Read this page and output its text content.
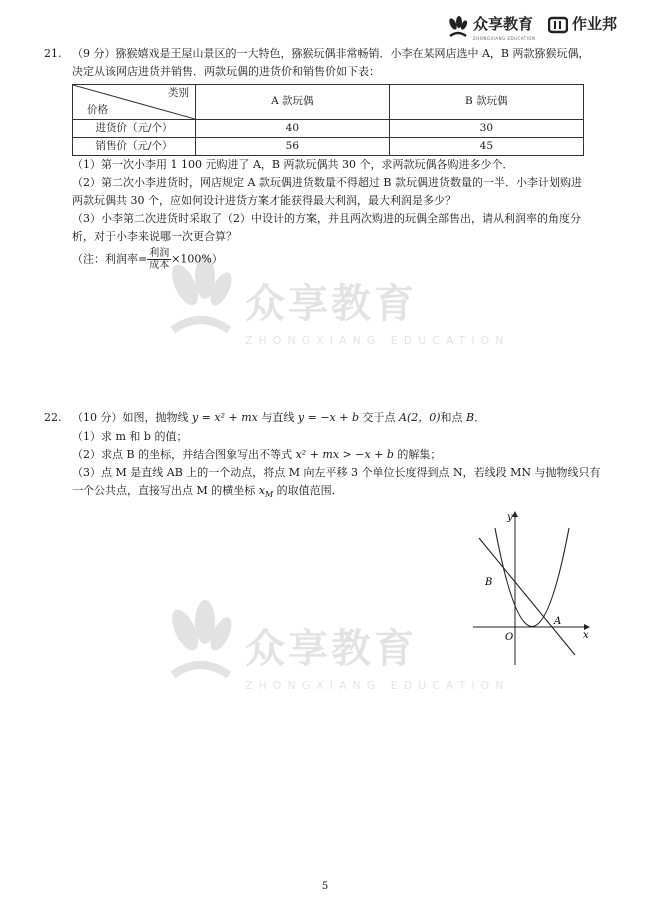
众享教育
ZHONGXIANG EDUCATION
作业邦
众享教育
ZHONGXIANG EDUCATION
众享教育
ZHONGXIANG EDUCATION
21. （9 分）猕猴嬉戏是王屋山景区的一大特色，猕猴玩偶非常畅销．小李在某网店选中 A，B 两款猕猴玩偶，

决定从该网店进货并销售．两款玩偶的进货价和销售价如下表：

类别
价格	A 款玩偶	B 款玩偶
进货价（元/个）	40	30
销售价（元/个）	56	45

（1）第一次小李用 1 100 元购进了 A，B 两款玩偶共 30 个，求两款玩偶各购进多少个．

（2）第二次小李进货时，网店规定 A 款玩偶进货数量不得超过 B 款玩偶进货数量的一半．小李计划购进

两款玩偶共 30 个，应如何设计进货方案才能获得最大利润，最大利润是多少？

（3）小李第二次进货时采取了（2）中设计的方案，并且两次购进的玩偶全部售出，请从利润率的角度分

析，对于小李来说哪一次更合算？

（注：利润率= $\frac{\text{利润}}{\text{成本}} \times 100\%$）

22. （10 分）如图，抛物线 y = x² + mx 与直线 y = −x + b 交于点 A(2，0)和点 B．

（1）求 m 和 b 的值；

（2）求点 B 的坐标，并结合图象写出不等式 x² + mx > −x + b 的解集；

（3）点 M 是直线 AB 上的一个动点，将点 M 向左平移 3 个单位长度得到点 N，若线段 MN 与抛物线只有

一个公共点，直接写出点 M 的横坐标 $x_M$ 的取值范围．

y
x
O
A
B
5
